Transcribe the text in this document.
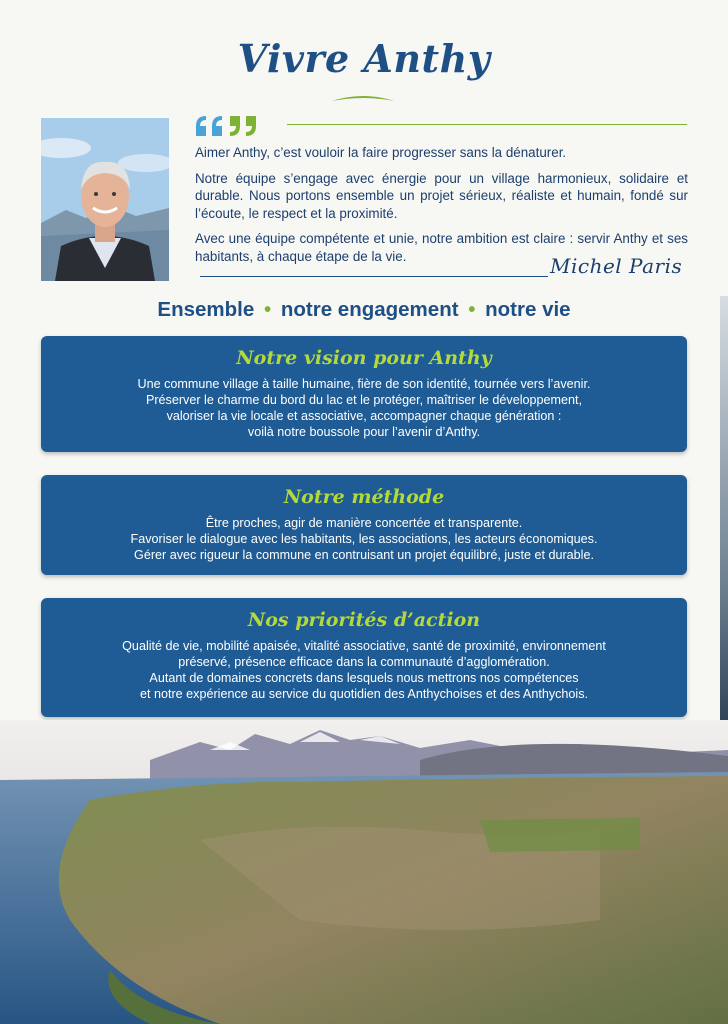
Vivre Anthy

Aimer Anthy, c’est vouloir la faire progresser sans la dénaturer.

Notre équipe s’engage avec énergie pour un village harmonieux, solidaire et durable. Nous portons ensemble un projet sérieux, réaliste et humain, fondé sur l’écoute, le respect et la proximité.

Avec une équipe compétente et unie, notre ambition est claire : servir Anthy et ses habitants, à chaque étape de la vie.	Michel Paris
Ensemble • notre engagement • notre vie
Notre vision pour Anthy
Une commune village à taille humaine, fière de son identité, tournée vers l’avenir.
Préserver le charme du bord du lac et le protéger, maîtriser le développement,
valoriser la vie locale et associative, accompagner chaque génération :
voilà notre boussole pour l’avenir d’Anthy.
Notre méthode
Être proches, agir de manière concertée et transparente.
Favoriser le dialogue avec les habitants, les associations, les acteurs économiques.
Gérer avec rigueur la commune en contruisant un projet équilibré, juste et durable.
Nos priorités d’action
Qualité de vie, mobilité apaisée, vitalité associative, santé de proximité, environnement
préservé, présence efficace dans la communauté d’agglomération.
Autant de domaines concrets dans lesquels nous mettrons nos compétences
et notre expérience au service du quotidien des Anthychoises et des Anthychois.
